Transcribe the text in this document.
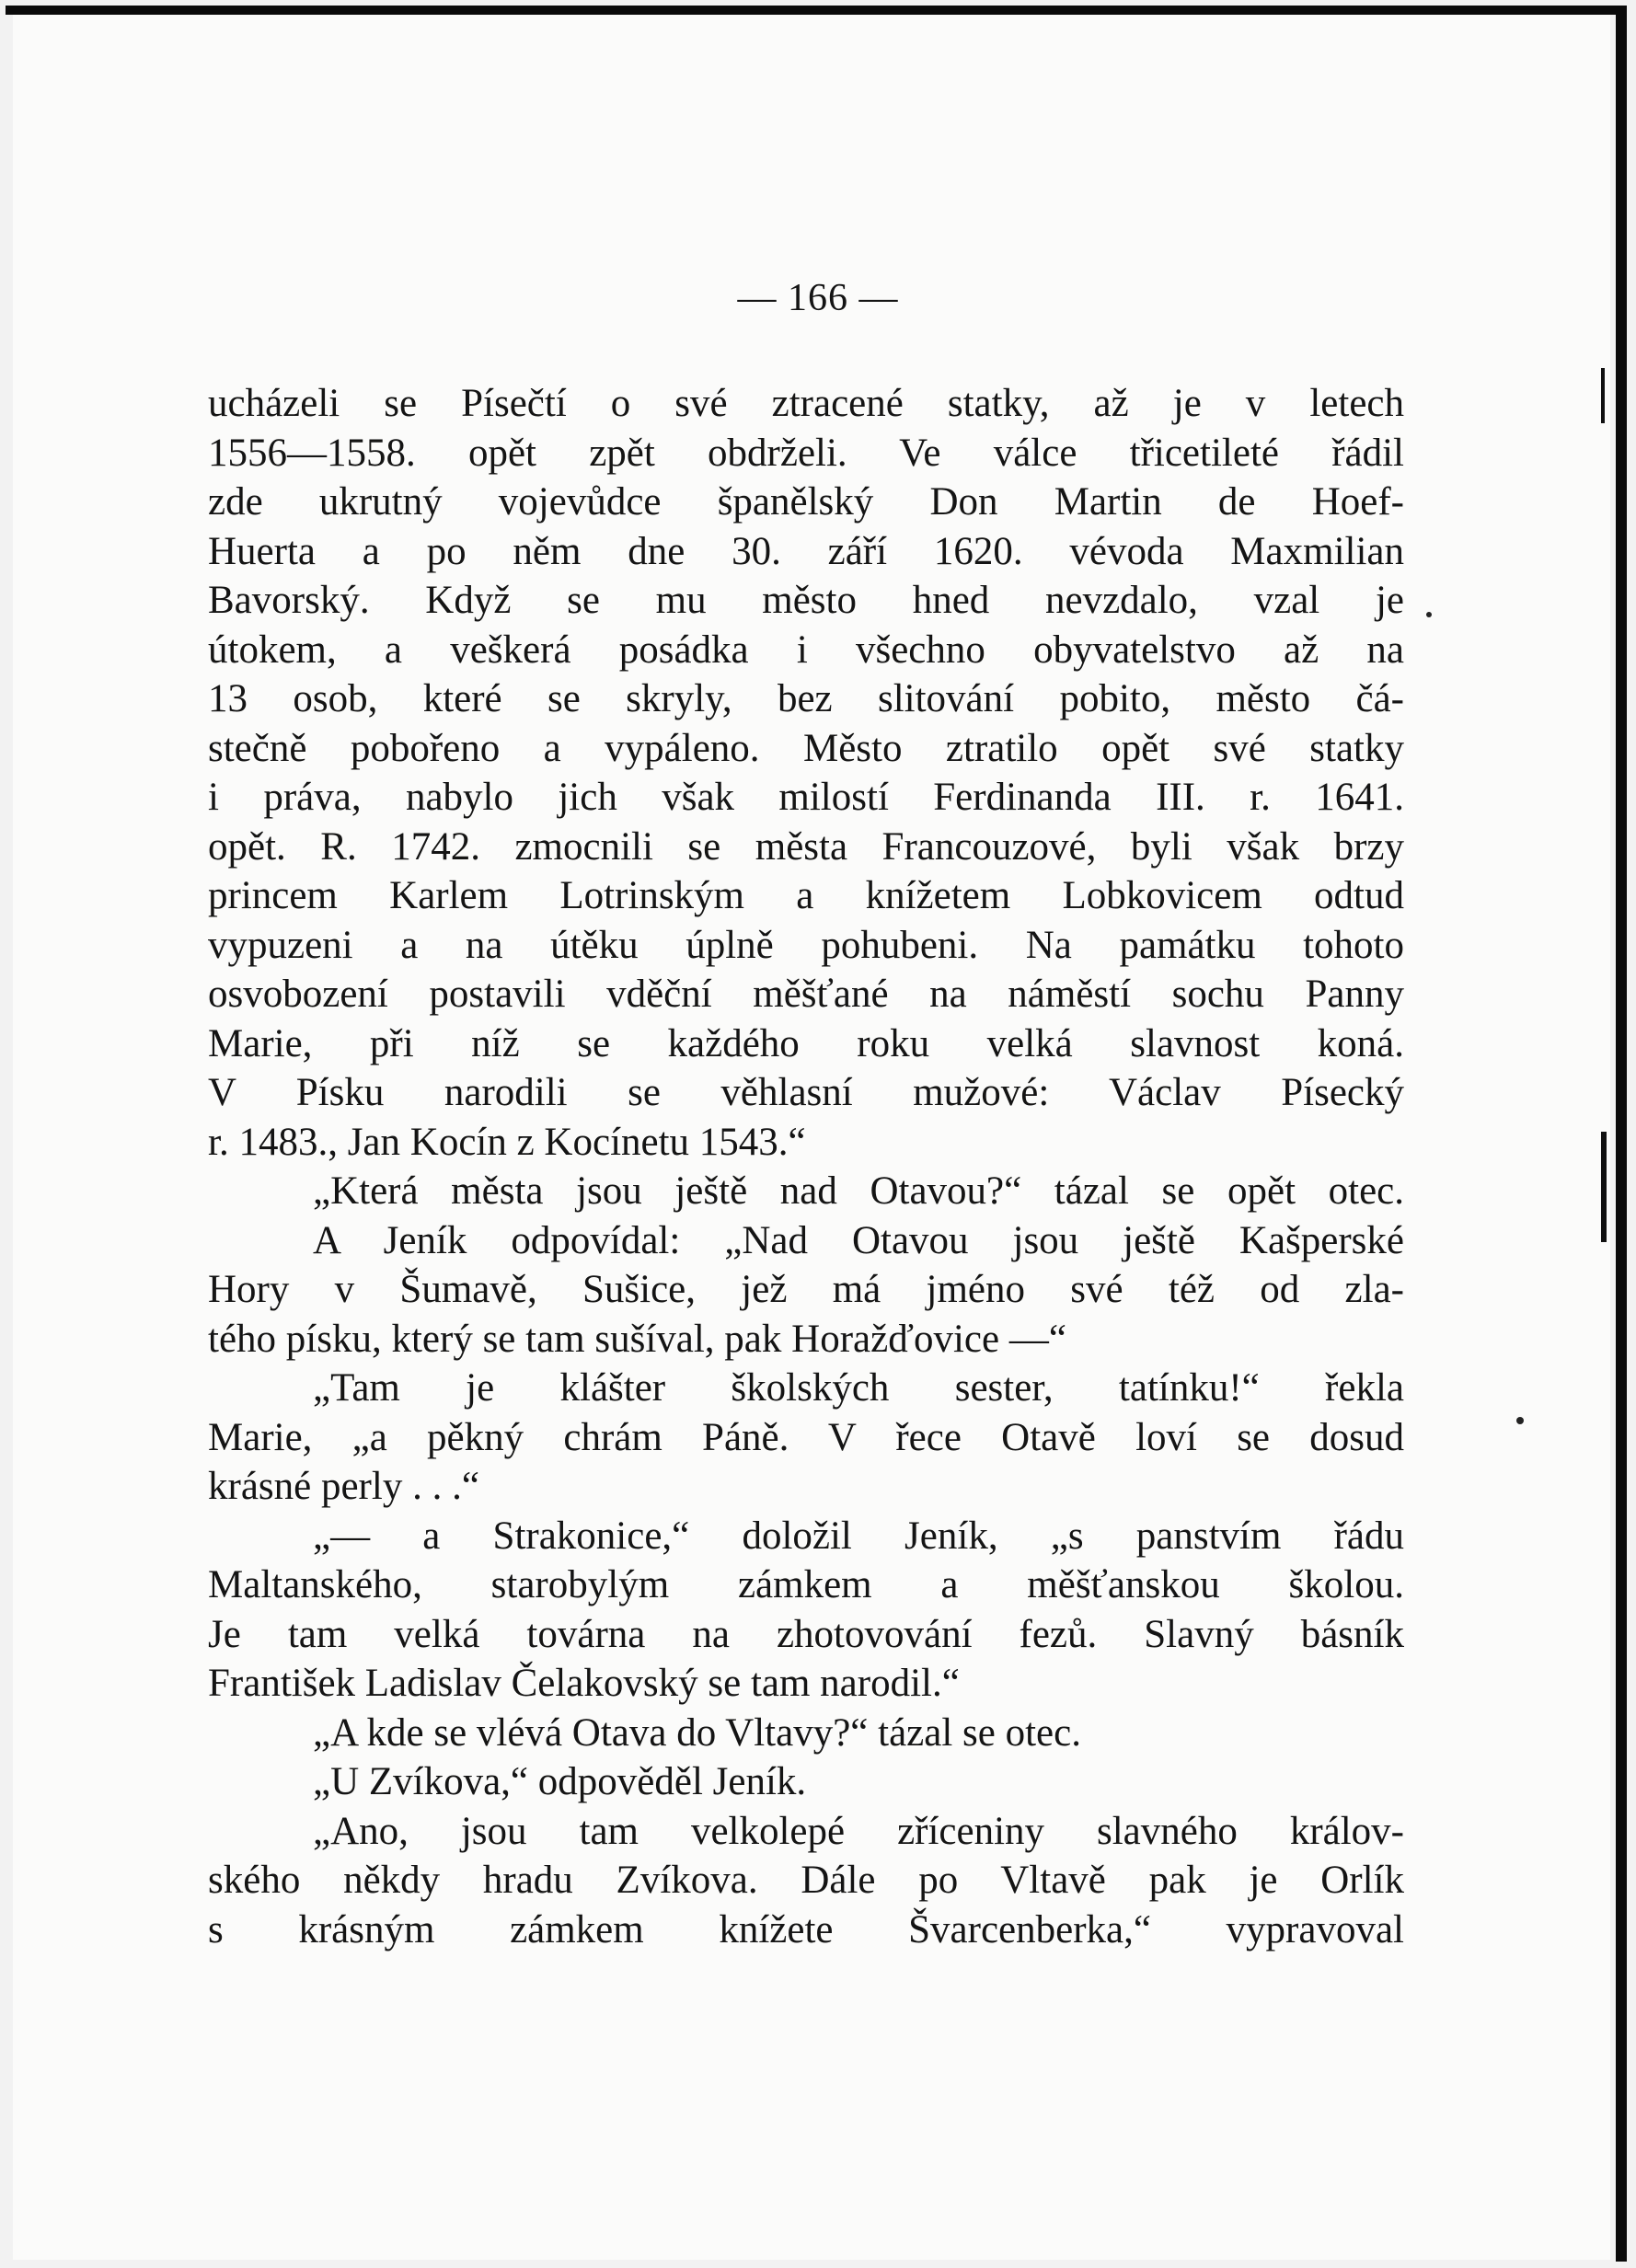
— 166 —
ucházeli se Písečtí o své ztracené statky, až je v letech
1556—1558. opět zpět obdrželi. Ve válce třicetileté řádil
zde ukrutný vojevůdce španělský Don Martin de Hoef-
Huerta a po něm dne 30. září 1620. vévoda Maxmilian
Bavorský. Když se mu město hned nevzdalo, vzal je
útokem, a veškerá posádka i všechno obyvatelstvo až na
13 osob, které se skryly, bez slitování pobito, město čá-
stečně pobořeno a vypáleno. Město ztratilo opět své statky
i práva, nabylo jich však milostí Ferdinanda III. r. 1641.
opět. R. 1742. zmocnili se města Francouzové, byli však brzy
princem Karlem Lotrinským a knížetem Lobkovicem odtud
vypuzeni a na útěku úplně pohubeni. Na památku tohoto
osvobození postavili vděční měšťané na náměstí sochu Panny
Marie, při níž se každého roku velká slavnost koná.
V Písku narodili se věhlasní mužové: Václav Písecký
r. 1483., Jan Kocín z Kocínetu 1543.“
„Která města jsou ještě nad Otavou?“ tázal se opět otec.
A Jeník odpovídal: „Nad Otavou jsou ještě Kašperské
Hory v Šumavě, Sušice, jež má jméno své též od zla-
tého písku, který se tam sušíval, pak Horažďovice —“
„Tam je klášter školských sester, tatínku!“ řekla
Marie, „a pěkný chrám Páně. V řece Otavě loví se dosud
krásné perly . . .“
„— a Strakonice,“ doložil Jeník, „s panstvím řádu
Maltanského, starobylým zámkem a měšťanskou školou.
Je tam velká továrna na zhotovování fezů. Slavný básník
František Ladislav Čelakovský se tam narodil.“
„A kde se vlévá Otava do Vltavy?“ tázal se otec.
„U Zvíkova,“ odpověděl Jeník.
„Ano, jsou tam velkolepé zříceniny slavného králov-
ského někdy hradu Zvíkova. Dále po Vltavě pak je Orlík
s krásným zámkem knížete Švarcenberka,“ vypravoval
